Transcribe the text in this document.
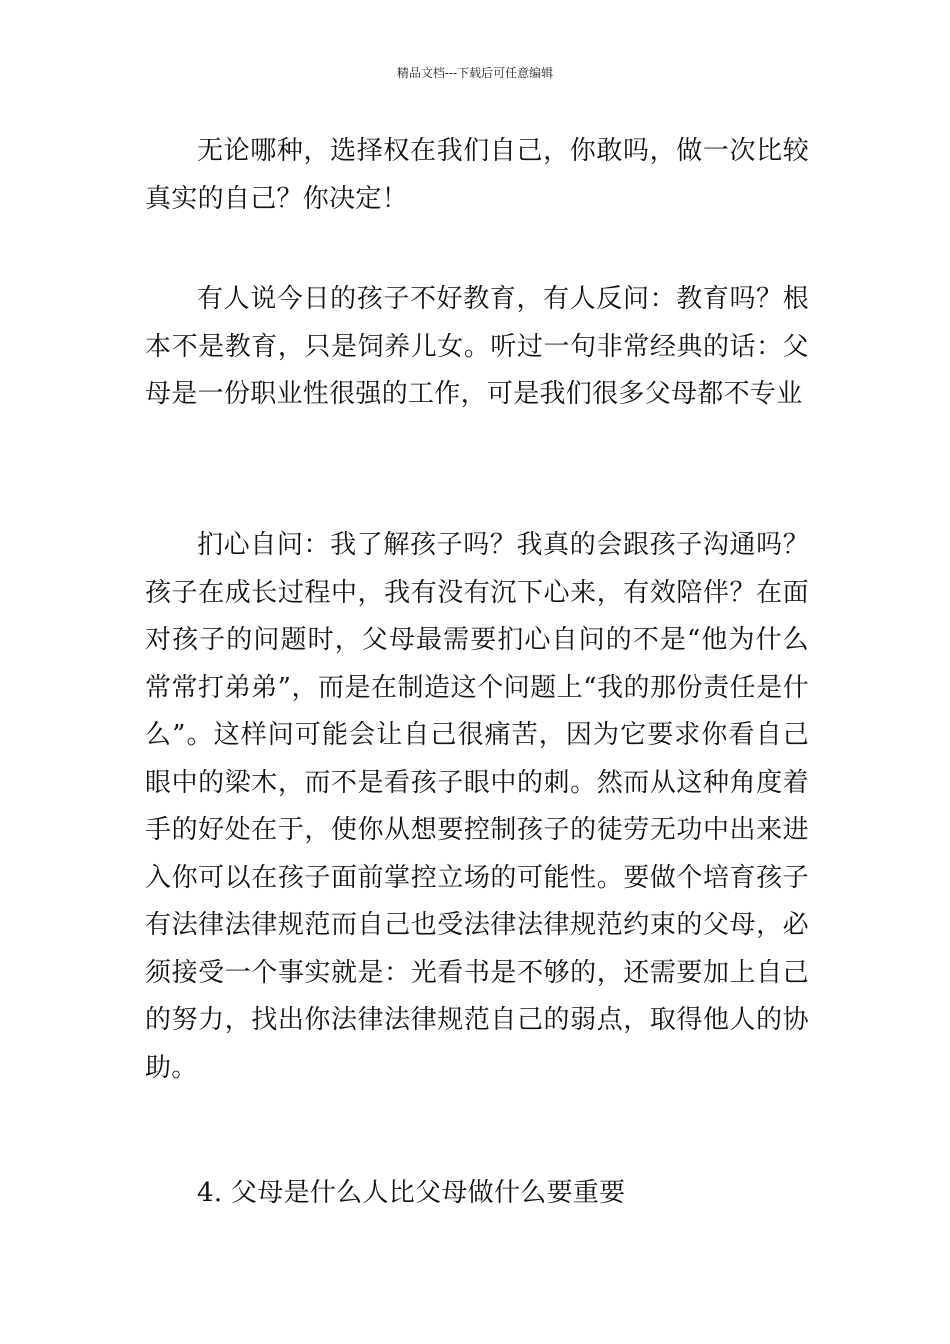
精品文档---下载后可任意编辑

无论哪种，选择权在我们自己，你敢吗，做一次比较真实的自己？你决定！

有人说今日的孩子不好教育，有人反问：教育吗？根本不是教育，只是饲养儿女。听过一句非常经典的话：父母是一份职业性很强的工作，可是我们很多父母都不专业

扪心自问：我了解孩子吗？我真的会跟孩子沟通吗？孩子在成长过程中，我有没有沉下心来，有效陪伴？在面对孩子的问题时，父母最需要扪心自问的不是“他为什么常常打弟弟”，而是在制造这个问题上“我的那份责任是什么”。这样问可能会让自己很痛苦，因为它要求你看自己眼中的梁木，而不是看孩子眼中的刺。然而从这种角度着手的好处在于，使你从想要控制孩子的徒劳无功中出来进入你可以在孩子面前掌控立场的可能性。要做个培育孩子有法律法律规范而自己也受法律法律规范约束的父母，必须接受一个事实就是：光看书是不够的，还需要加上自己的努力，找出你法律法律规范自己的弱点，取得他人的协助。

4. 父母是什么人比父母做什么要重要
